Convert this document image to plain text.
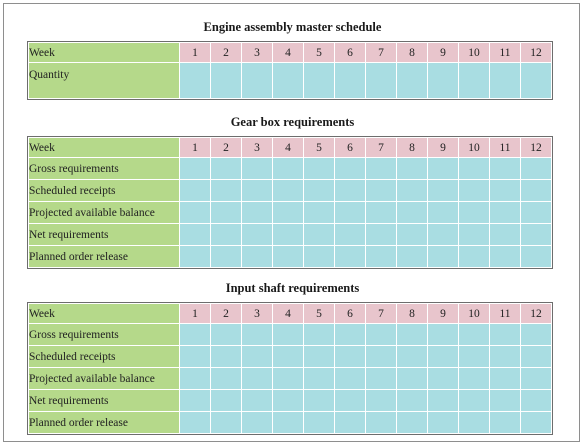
Engine assembly master schedule
Week	1	2	3	4	5	6	7	8	9	10	11	12
Quantity												
Gear box requirements
Week	1	2	3	4	5	6	7	8	9	10	11	12
Gross requirements												
Scheduled receipts												
Projected available balance												
Net requirements												
Planned order release												
Input shaft requirements
Week	1	2	3	4	5	6	7	8	9	10	11	12
Gross requirements												
Scheduled receipts												
Projected available balance												
Net requirements												
Planned order release												
